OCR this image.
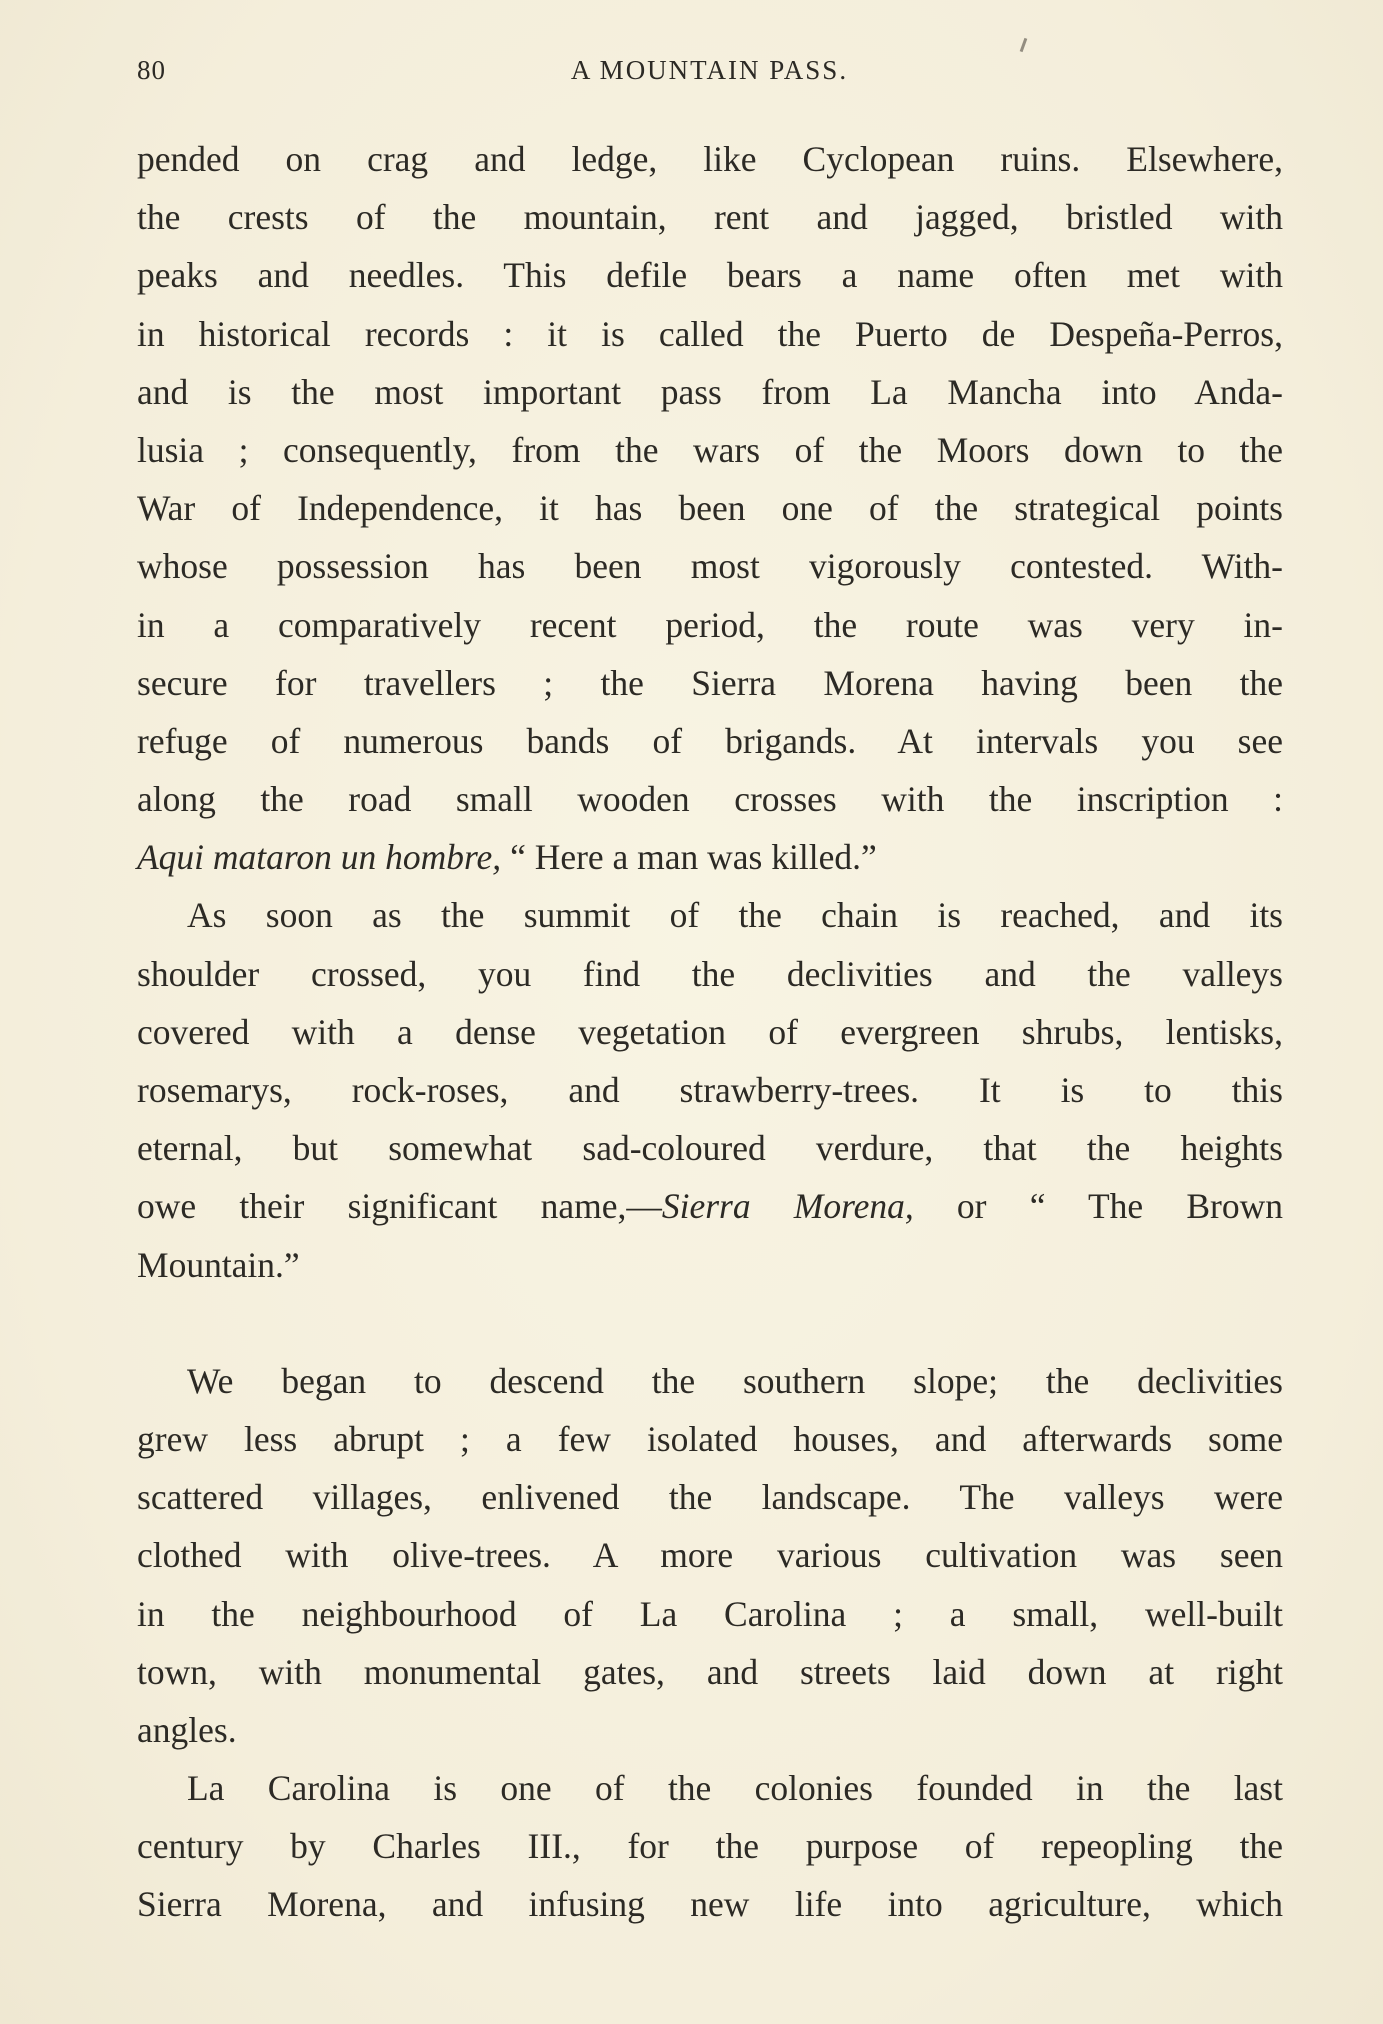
80	A MOUNTAIN PASS.
pended on crag and ledge, like Cyclopean ruins. Elsewhere,
the crests of the mountain, rent and jagged, bristled with
peaks and needles. This defile bears a name often met with
in historical records : it is called the Puerto de Despeña-Perros,
and is the most important pass from La Mancha into Anda-
lusia ; consequently, from the wars of the Moors down to the
War of Independence, it has been one of the strategical points
whose possession has been most vigorously contested. With-
in a comparatively recent period, the route was very in-
secure for travellers ; the Sierra Morena having been the
refuge of numerous bands of brigands. At intervals you see
along the road small wooden crosses with the inscription :
Aqui mataron un hombre, “ Here a man was killed.”
As soon as the summit of the chain is reached, and its
shoulder crossed, you find the declivities and the valleys
covered with a dense vegetation of evergreen shrubs, lentisks,
rosemarys, rock-roses, and strawberry-trees. It is to this
eternal, but somewhat sad-coloured verdure, that the heights
owe their significant name,—Sierra Morena, or “ The Brown
Mountain.”
We began to descend the southern slope; the declivities
grew less abrupt ; a few isolated houses, and afterwards some
scattered villages, enlivened the landscape. The valleys were
clothed with olive-trees. A more various cultivation was seen
in the neighbourhood of La Carolina ; a small, well-built
town, with monumental gates, and streets laid down at right
angles.
La Carolina is one of the colonies founded in the last
century by Charles III., for the purpose of repeopling the
Sierra Morena, and infusing new life into agriculture, which
